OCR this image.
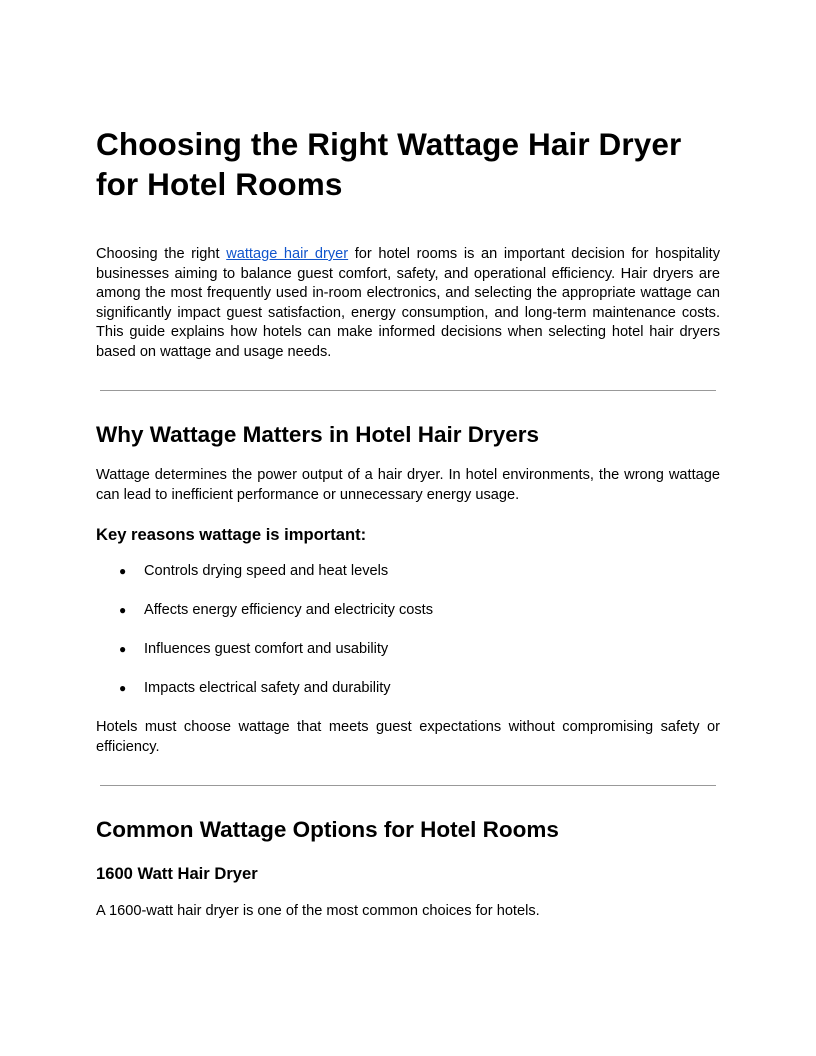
Choosing the Right Wattage Hair Dryer for Hotel Rooms

Choosing the right wattage hair dryer for hotel rooms is an important decision for hospitality businesses aiming to balance guest comfort, safety, and operational efficiency. Hair dryers are among the most frequently used in-room electronics, and selecting the appropriate wattage can significantly impact guest satisfaction, energy consumption, and long-term maintenance costs. This guide explains how hotels can make informed decisions when selecting hotel hair dryers based on wattage and usage needs.

Why Wattage Matters in Hotel Hair Dryers

Wattage determines the power output of a hair dryer. In hotel environments, the wrong wattage can lead to inefficient performance or unnecessary energy usage.

Key reasons wattage is important:
● Controls drying speed and heat levels
● Affects energy efficiency and electricity costs
● Influences guest comfort and usability
● Impacts electrical safety and durability

Hotels must choose wattage that meets guest expectations without compromising safety or efficiency.

Common Wattage Options for Hotel Rooms
1600 Watt Hair Dryer

A 1600-watt hair dryer is one of the most common choices for hotels.
